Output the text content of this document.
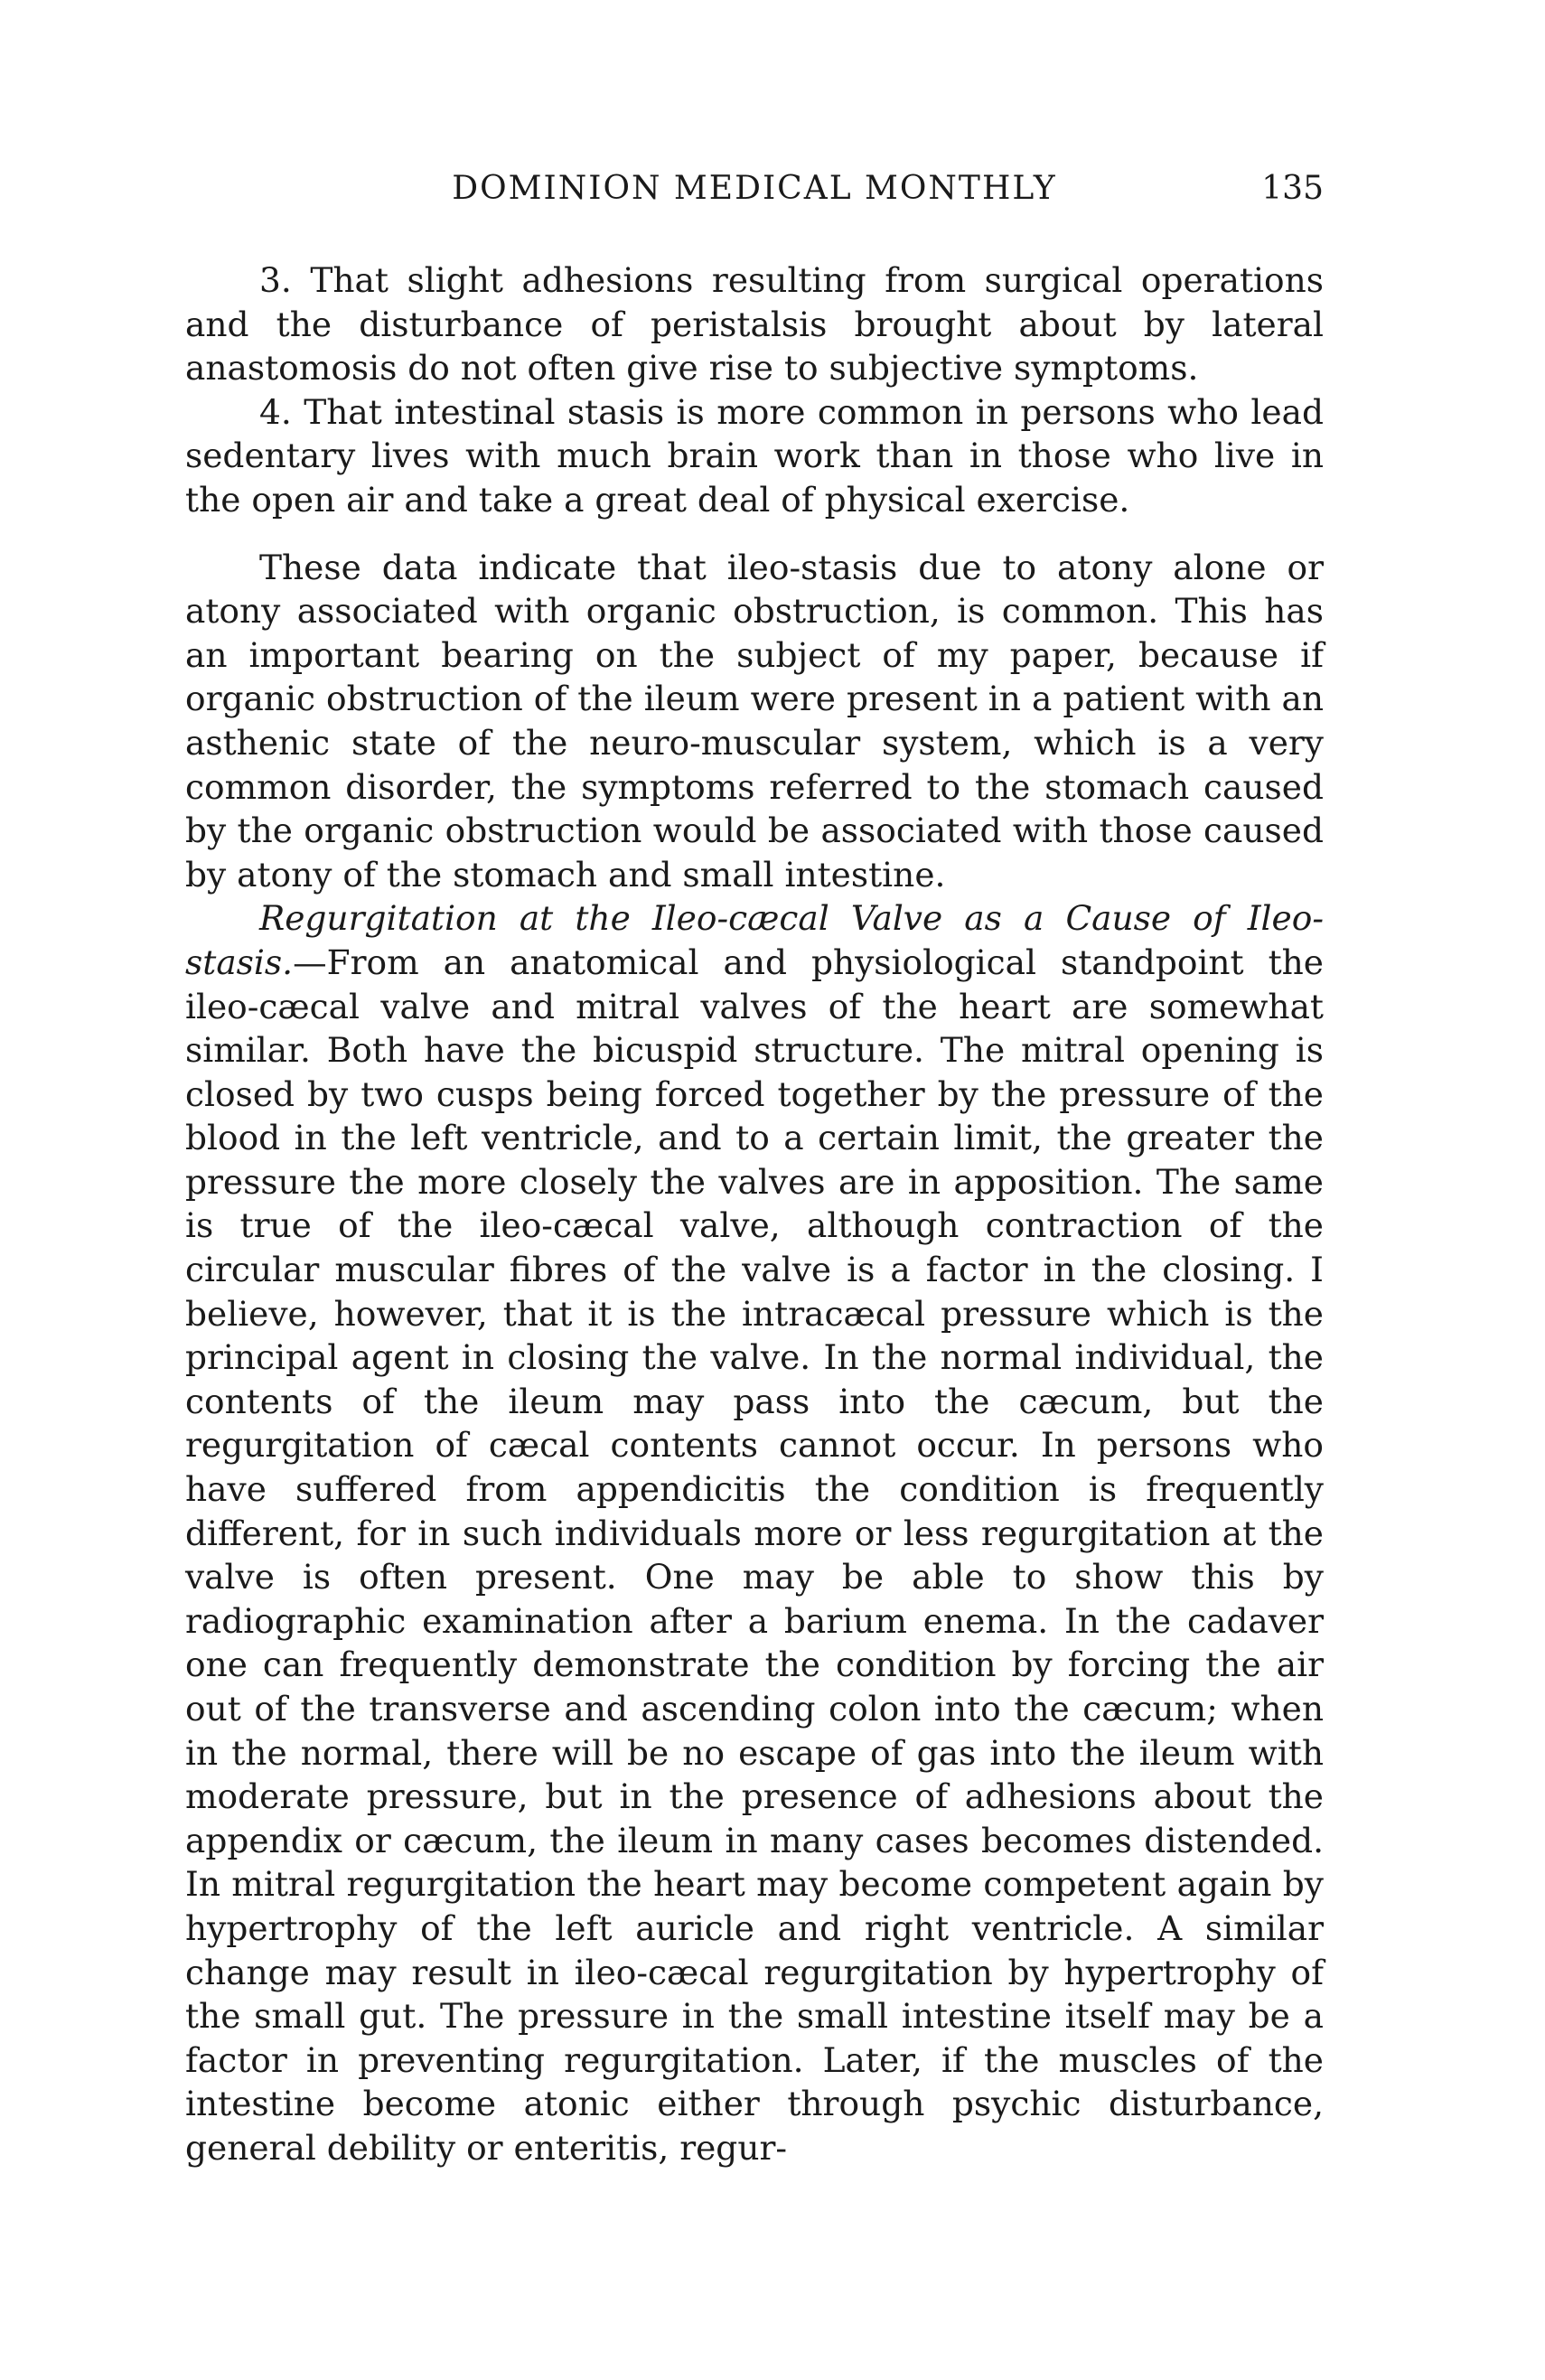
DOMINION MEDICAL MONTHLY	135

3. That slight adhesions resulting from surgical operations and the disturbance of peristalsis brought about by lateral anastomosis do not often give rise to subjective symptoms.

4. That intestinal stasis is more common in persons who lead sedentary lives with much brain work than in those who live in the open air and take a great deal of physical exercise.

These data indicate that ileo-stasis due to atony alone or atony associated with organic obstruction, is common. This has an important bearing on the subject of my paper, because if organic obstruction of the ileum were present in a patient with an asthenic state of the neuro-muscular system, which is a very common disorder, the symptoms referred to the stomach caused by the organic obstruction would be associated with those caused by atony of the stomach and small intestine.

Regurgitation at the Ileo-cæcal Valve as a Cause of Ileo-stasis.—From an anatomical and physiological standpoint the ileo-cæcal valve and mitral valves of the heart are somewhat similar. Both have the bicuspid structure. The mitral opening is closed by two cusps being forced together by the pressure of the blood in the left ventricle, and to a certain limit, the greater the pressure the more closely the valves are in apposition. The same is true of the ileo-cæcal valve, although contraction of the circular muscular fibres of the valve is a factor in the closing. I believe, however, that it is the intracæcal pressure which is the principal agent in closing the valve. In the normal individual, the contents of the ileum may pass into the cæcum, but the regurgitation of cæcal contents cannot occur. In persons who have suffered from appendicitis the condition is frequently different, for in such individuals more or less regurgitation at the valve is often present. One may be able to show this by radiographic examination after a barium enema. In the cadaver one can frequently demonstrate the condition by forcing the air out of the transverse and ascending colon into the cæcum; when in the normal, there will be no escape of gas into the ileum with moderate pressure, but in the presence of adhesions about the appendix or cæcum, the ileum in many cases becomes distended. In mitral regurgitation the heart may become competent again by hypertrophy of the left auricle and right ventricle. A similar change may result in ileo-cæcal regurgitation by hypertrophy of the small gut. The pressure in the small intestine itself may be a factor in preventing regurgitation. Later, if the muscles of the intestine become atonic either through psychic disturbance, general debility or enteritis, regur-
